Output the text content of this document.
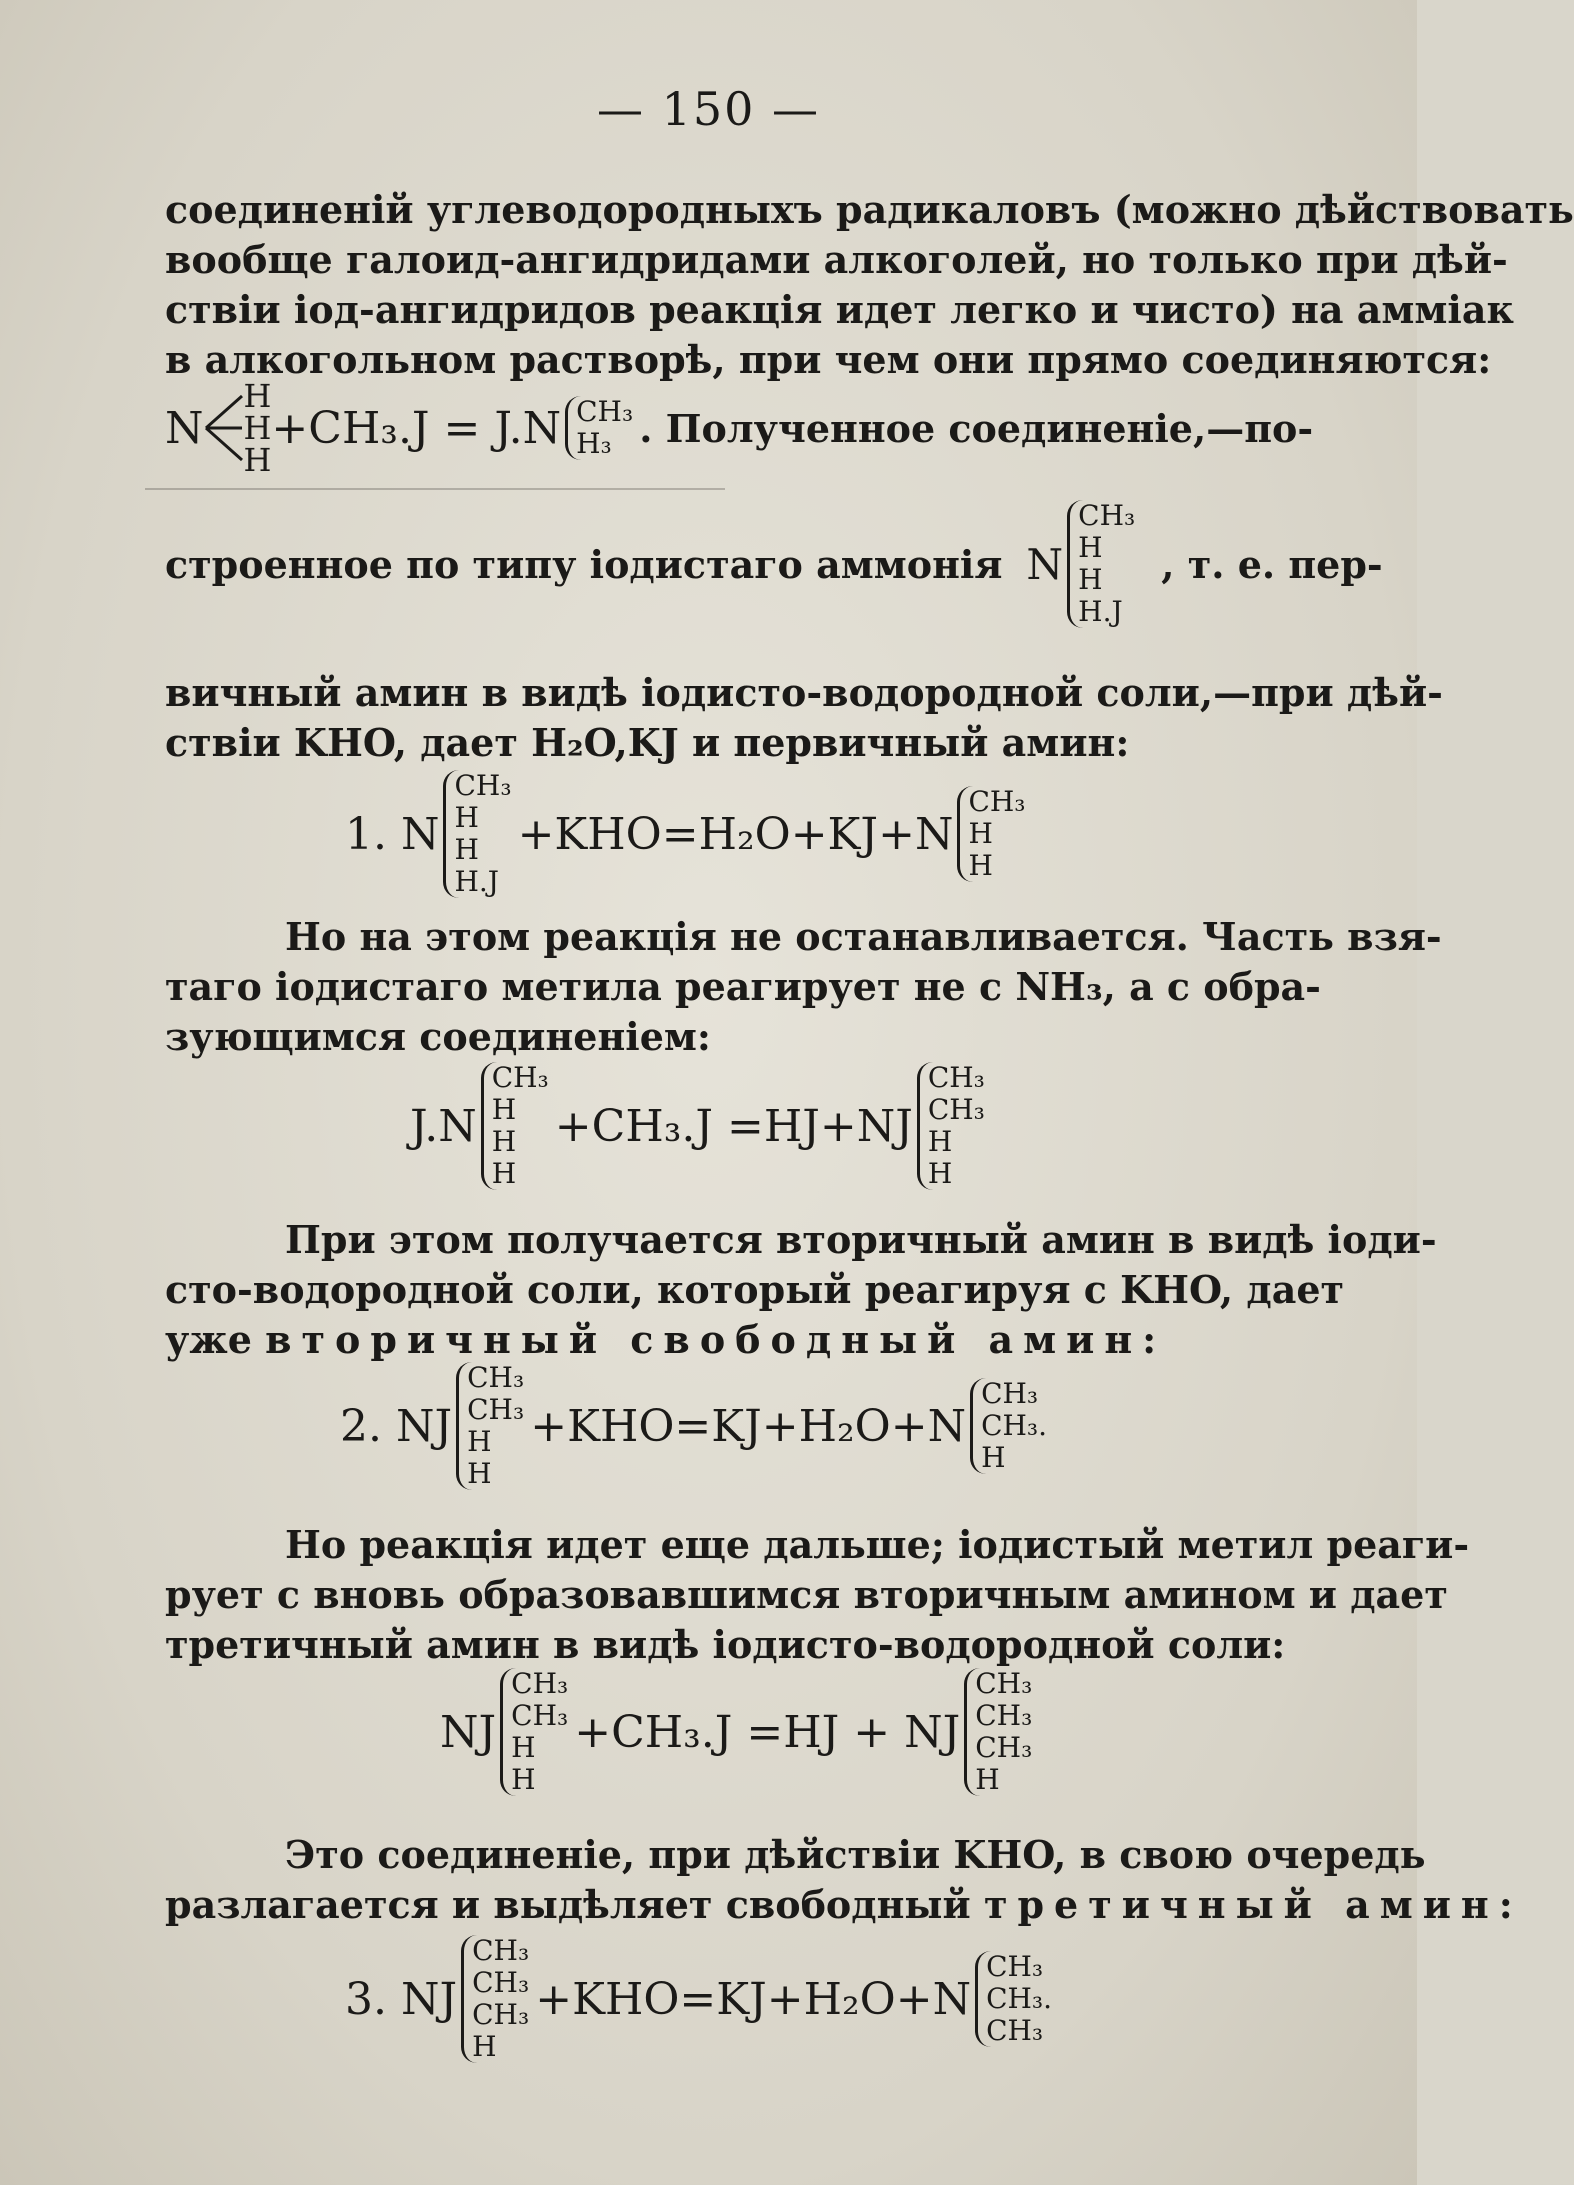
— 150 —
соединеній углеводородныхъ радикаловъ (можно дѣйствовать
вообще галоид-ангидридами алкоголей, но только при дѣй-
ствіи іод-ангидридов реакція идет легко и чисто) на амміак
в алкогольном растворѣ, при чем они прямо соединяются:
N
H
H
H
+CH₃.J = J.N CH₃
H₃ . Полученное соединеніе,—по-
строенное по типу іодистаго аммонія N
CH₃
H
H
H.J
, т. е. пер-
вичный амин в видѣ іодисто-водородной соли,—при дѣй-
ствіи KHO, дает H₂O,KJ и первичный амин:
1. N
CH₃
H
H
H.J
+KHO=H₂O+KJ+N
CH₃
H
H
Но на этом реакція не останавливается. Часть взя-
таго іодистаго метила реагирует не с NH₃, а с обра-
зующимся соединеніем:
J.N
CH₃
H
H
H
+CH₃.J =HJ+NJ
CH₃
CH₃
H
H
При этом получается вторичный амин в видѣ іоди-
сто-водородной соли, который реагируя с KHO, дает
уже вторичный свободный амин:
2. NJ
CH₃
CH₃
H
H
+KHO=KJ+H₂O+N
CH₃
CH₃.
H
Но реакція идет еще дальше; іодистый метил реаги-
рует с вновь образовавшимся вторичным амином и дает
третичный амин в видѣ іодисто-водородной соли:
NJ
CH₃
CH₃
H
H
+CH₃.J =HJ + NJ
CH₃
CH₃
CH₃
H
Это соединеніе, при дѣйствіи KHO, в свою очередь
разлагается и выдѣляет свободный третичный амин:
3. NJ
CH₃
CH₃
CH₃
H
+KHO=KJ+H₂O+N
CH₃
CH₃.
CH₃
